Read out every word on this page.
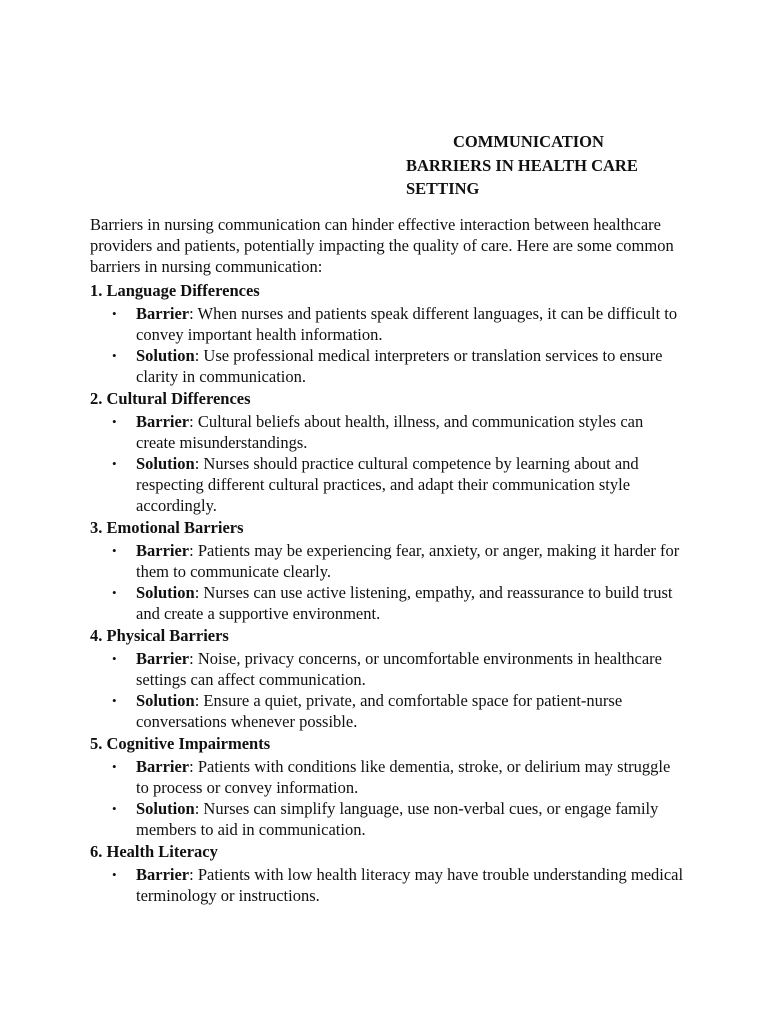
COMMUNICATION
BARRIERS IN HEALTH CARE
SETTING

Barriers in nursing communication can hinder effective interaction between healthcare providers and patients, potentially impacting the quality of care. Here are some common barriers in nursing communication:

1. Language Differences

• Barrier: When nurses and patients speak different languages, it can be difficult to convey important health information.
• Solution: Use professional medical interpreters or translation services to ensure clarity in communication.

2. Cultural Differences

• Barrier: Cultural beliefs about health, illness, and communication styles can create misunderstandings.
• Solution: Nurses should practice cultural competence by learning about and respecting different cultural practices, and adapt their communication style accordingly.

3. Emotional Barriers

• Barrier: Patients may be experiencing fear, anxiety, or anger, making it harder for them to communicate clearly.
• Solution: Nurses can use active listening, empathy, and reassurance to build trust and create a supportive environment.

4. Physical Barriers

• Barrier: Noise, privacy concerns, or uncomfortable environments in healthcare settings can affect communication.
• Solution: Ensure a quiet, private, and comfortable space for patient-nurse conversations whenever possible.

5. Cognitive Impairments

• Barrier: Patients with conditions like dementia, stroke, or delirium may struggle to process or convey information.
• Solution: Nurses can simplify language, use non-verbal cues, or engage family members to aid in communication.

6. Health Literacy

• Barrier: Patients with low health literacy may have trouble understanding medical terminology or instructions.
